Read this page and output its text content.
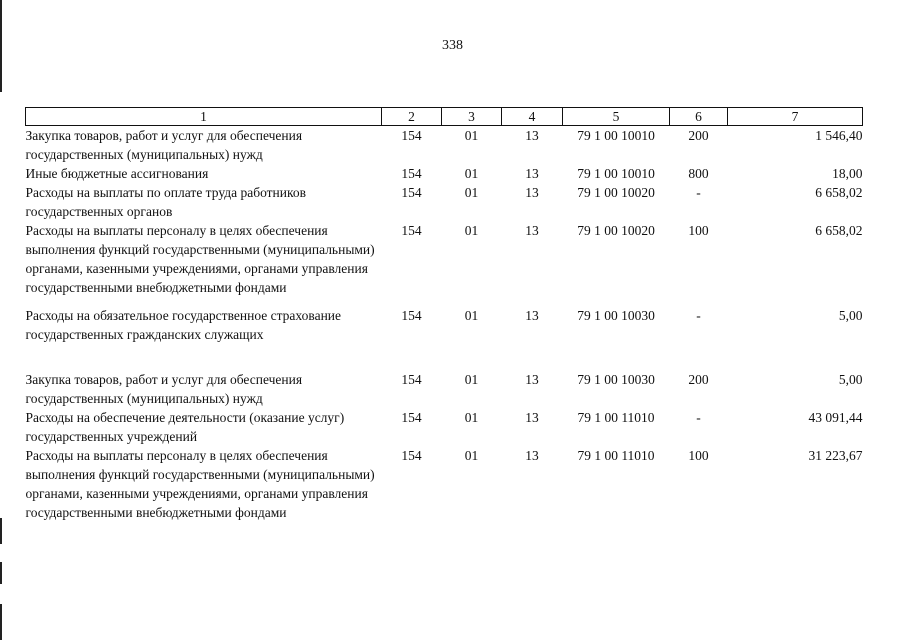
338
1	2	3	4	5	6	7
Закупка товаров, работ и услуг для обеспечения государственных (муниципальных) нужд	154	01	13	79 1 00 10010	200	1 546,40
Иные бюджетные ассигнования	154	01	13	79 1 00 10010	800	18,00
Расходы на выплаты по оплате труда работников государственных органов	154	01	13	79 1 00 10020	-	6 658,02
Расходы на выплаты персоналу в целях обеспечения выполнения функций государственными (муниципальными) органами, казенными учреждениями, органами управления государственными внебюджетными фондами	154	01	13	79 1 00 10020	100	6 658,02
Расходы на обязательное государственное страхование государственных гражданских служащих	154	01	13	79 1 00 10030	-	5,00
Закупка товаров, работ и услуг для обеспечения государственных (муниципальных) нужд	154	01	13	79 1 00 10030	200	5,00
Расходы на обеспечение деятельности (оказание услуг) государственных учреждений	154	01	13	79 1 00 11010	-	43 091,44
Расходы на выплаты персоналу в целях обеспечения выполнения функций государственными (муниципальными) органами, казенными учреждениями, органами управления государственными внебюджетными фондами	154	01	13	79 1 00 11010	100	31 223,67
